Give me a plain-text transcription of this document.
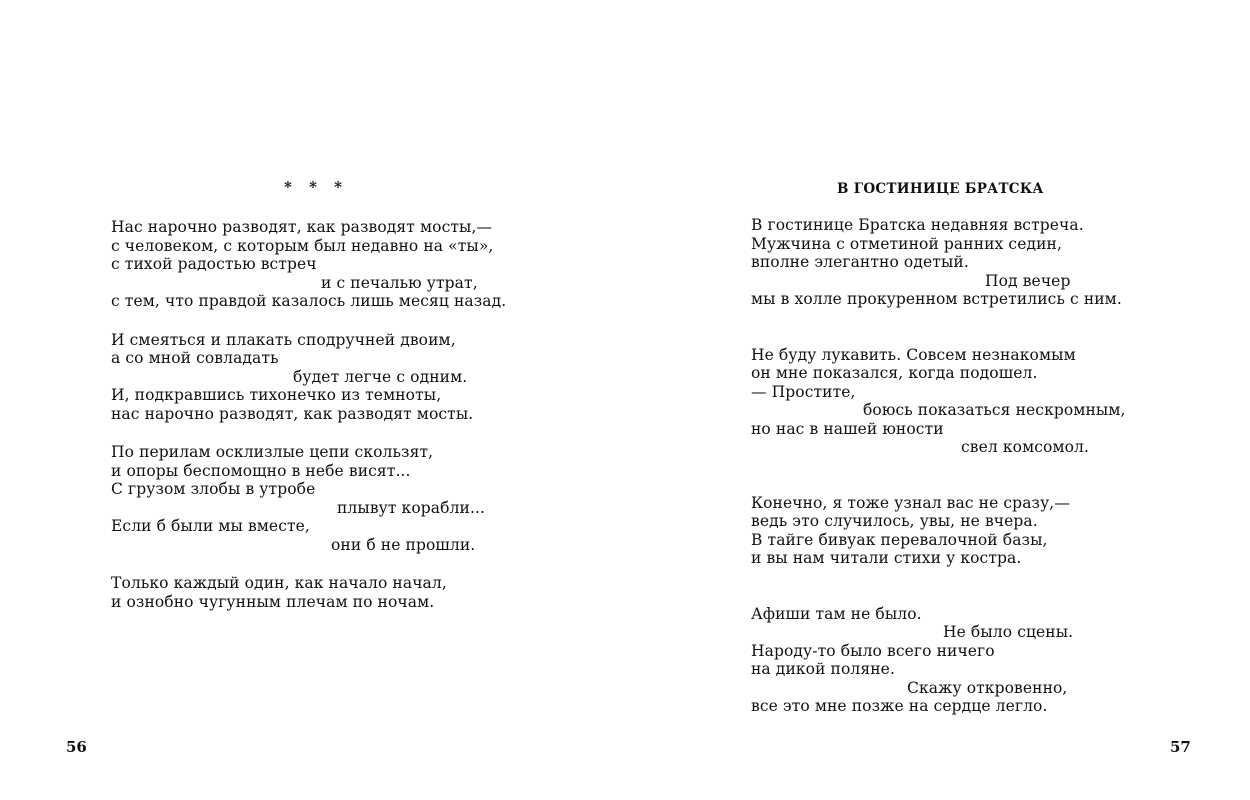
* * *
Нас нарочно разводят, как разводят мосты,—
с человеком, с которым был недавно на «ты»,
с тихой радостью встреч
и с печалью утрат,
с тем, что правдой казалось лишь месяц назад.
И смеяться и плакать сподручней двоим,
а со мной совладать
будет легче с одним.
И, подкравшись тихонечко из темноты,
нас нарочно разводят, как разводят мосты.
По перилам осклизлые цепи скользят,
и опоры беспомощно в небе висят...
С грузом злобы в утробе
плывут корабли...
Если б были мы вместе,
они б не прошли.
Только каждый один, как начало начал,
и ознобно чугунным плечам по ночам.
56
В ГОСТИНИЦЕ БРАТСКА
В гостинице Братска недавняя встреча.
Мужчина с отметиной ранних седин,
вполне элегантно одетый.
Под вечер
мы в холле прокуренном встретились с ним.
Не буду лукавить. Совсем незнакомым
он мне показался, когда подошел.
— Простите,
боюсь показаться нескромным,
но нас в нашей юности
свел комсомол.
Конечно, я тоже узнал вас не сразу,—
ведь это случилось, увы, не вчера.
В тайге бивуак перевалочной базы,
и вы нам читали стихи у костра.
Афиши там не было.
Не было сцены.
Народу-то было всего ничего
на дикой поляне.
Скажу откровенно,
все это мне позже на сердце легло.
57
